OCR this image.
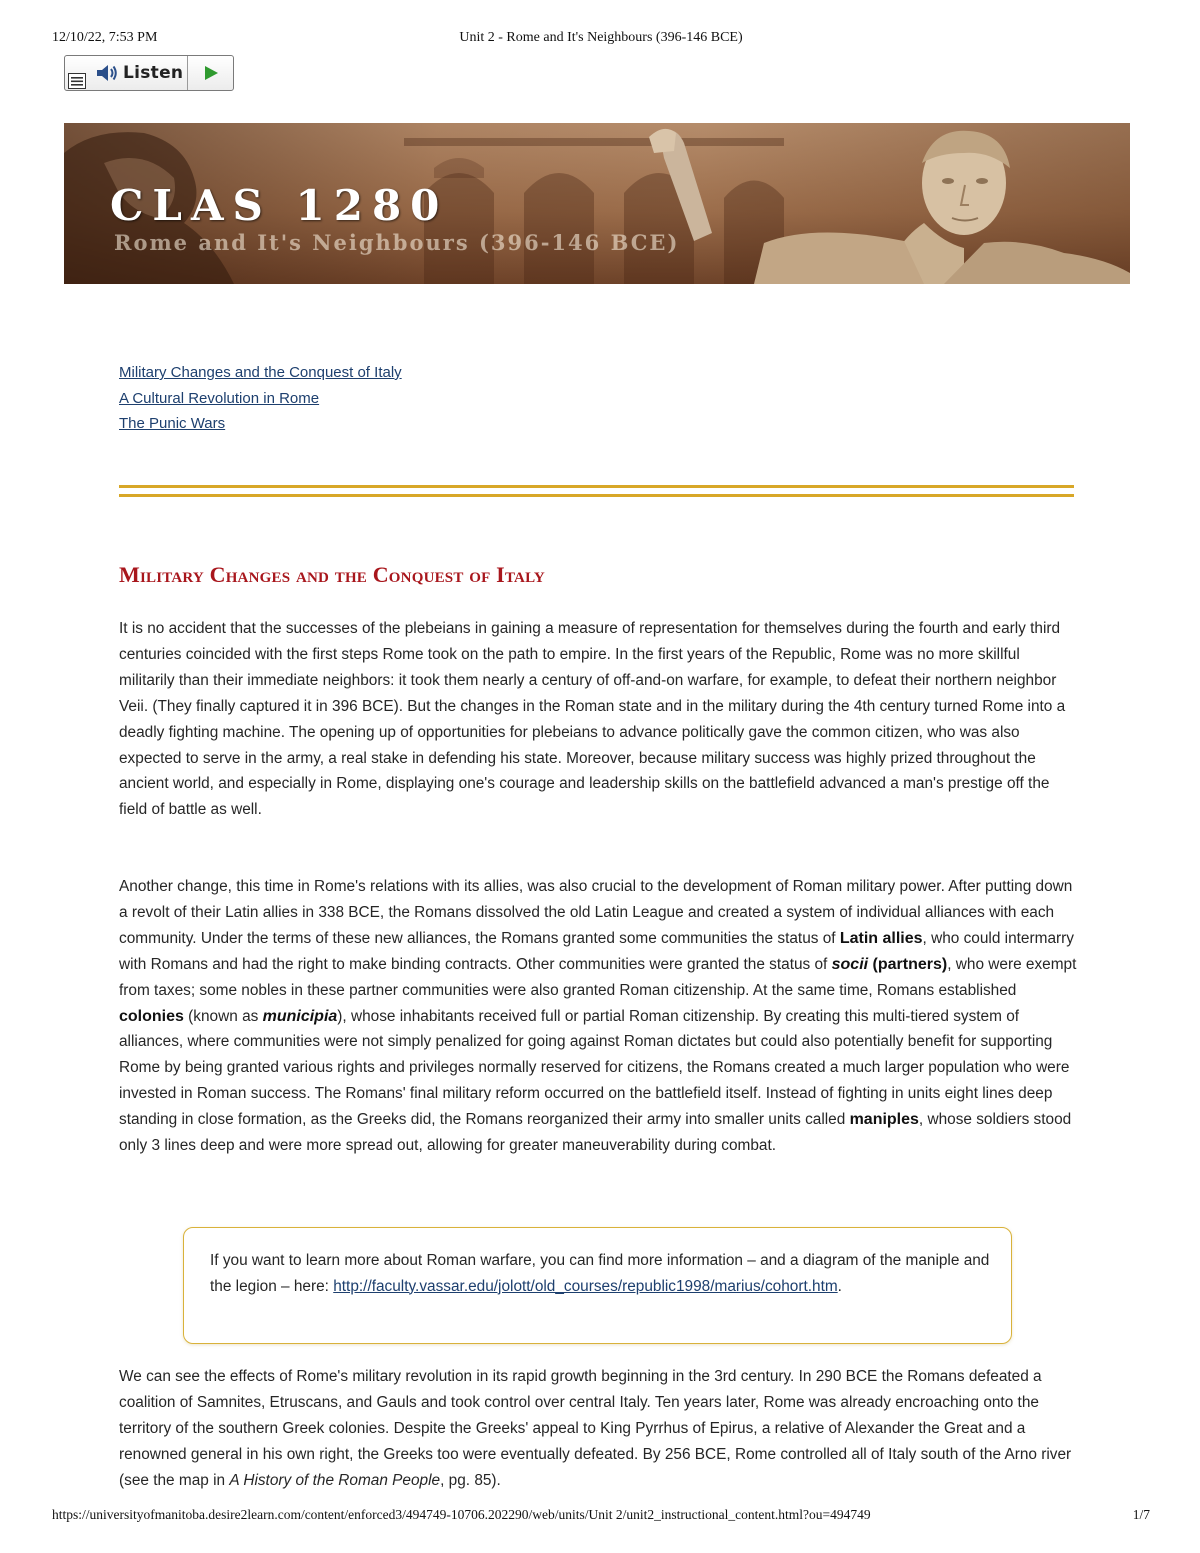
12/10/22, 7:53 PM	Unit 2 - Rome and It's Neighbours (396-146 BCE)
Listen
CLAS 1280
Rome and It's Neighbours (396-146 BCE)
Military Changes and the Conquest of Italy
A Cultural Revolution in Rome
The Punic Wars
Military Changes and the Conquest of Italy

It is no accident that the successes of the plebeians in gaining a measure of representation for themselves during the fourth and early third centuries coincided with the first steps Rome took on the path to empire. In the first years of the Republic, Rome was no more skillful militarily than their immediate neighbors: it took them nearly a century of off-and-on warfare, for example, to defeat their northern neighbor Veii. (They finally captured it in 396 BCE). But the changes in the Roman state and in the military during the 4th century turned Rome into a deadly fighting machine. The opening up of opportunities for plebeians to advance politically gave the common citizen, who was also expected to serve in the army, a real stake in defending his state. Moreover, because military success was highly prized throughout the ancient world, and especially in Rome, displaying one's courage and leadership skills on the battlefield advanced a man's prestige off the field of battle as well.

Another change, this time in Rome's relations with its allies, was also crucial to the development of Roman military power. After putting down a revolt of their Latin allies in 338 BCE, the Romans dissolved the old Latin League and created a system of individual alliances with each community. Under the terms of these new alliances, the Romans granted some communities the status of Latin allies, who could intermarry with Romans and had the right to make binding contracts. Other communities were granted the status of socii (partners), who were exempt from taxes; some nobles in these partner communities were also granted Roman citizenship. At the same time, Romans established colonies (known as municipia), whose inhabitants received full or partial Roman citizenship. By creating this multi-tiered system of alliances, where communities were not simply penalized for going against Roman dictates but could also potentially benefit for supporting Rome by being granted various rights and privileges normally reserved for citizens, the Romans created a much larger population who were invested in Roman success. The Romans' final military reform occurred on the battlefield itself. Instead of fighting in units eight lines deep standing in close formation, as the Greeks did, the Romans reorganized their army into smaller units called maniples, whose soldiers stood only 3 lines deep and were more spread out, allowing for greater maneuverability during combat.

If you want to learn more about Roman warfare, you can find more information – and a diagram of the maniple and the legion – here: http://faculty.vassar.edu/jolott/old_courses/republic1998/marius/cohort.htm.

We can see the effects of Rome's military revolution in its rapid growth beginning in the 3rd century. In 290 BCE the Romans defeated a coalition of Samnites, Etruscans, and Gauls and took control over central Italy. Ten years later, Rome was already encroaching onto the territory of the southern Greek colonies. Despite the Greeks' appeal to King Pyrrhus of Epirus, a relative of Alexander the Great and a renowned general in his own right, the Greeks too were eventually defeated. By 256 BCE, Rome controlled all of Italy south of the Arno river (see the map in A History of the Roman People, pg. 85).

https://universityofmanitoba.desire2learn.com/content/enforced3/494749-10706.202290/web/units/Unit 2/unit2_instructional_content.html?ou=494749	1/7
